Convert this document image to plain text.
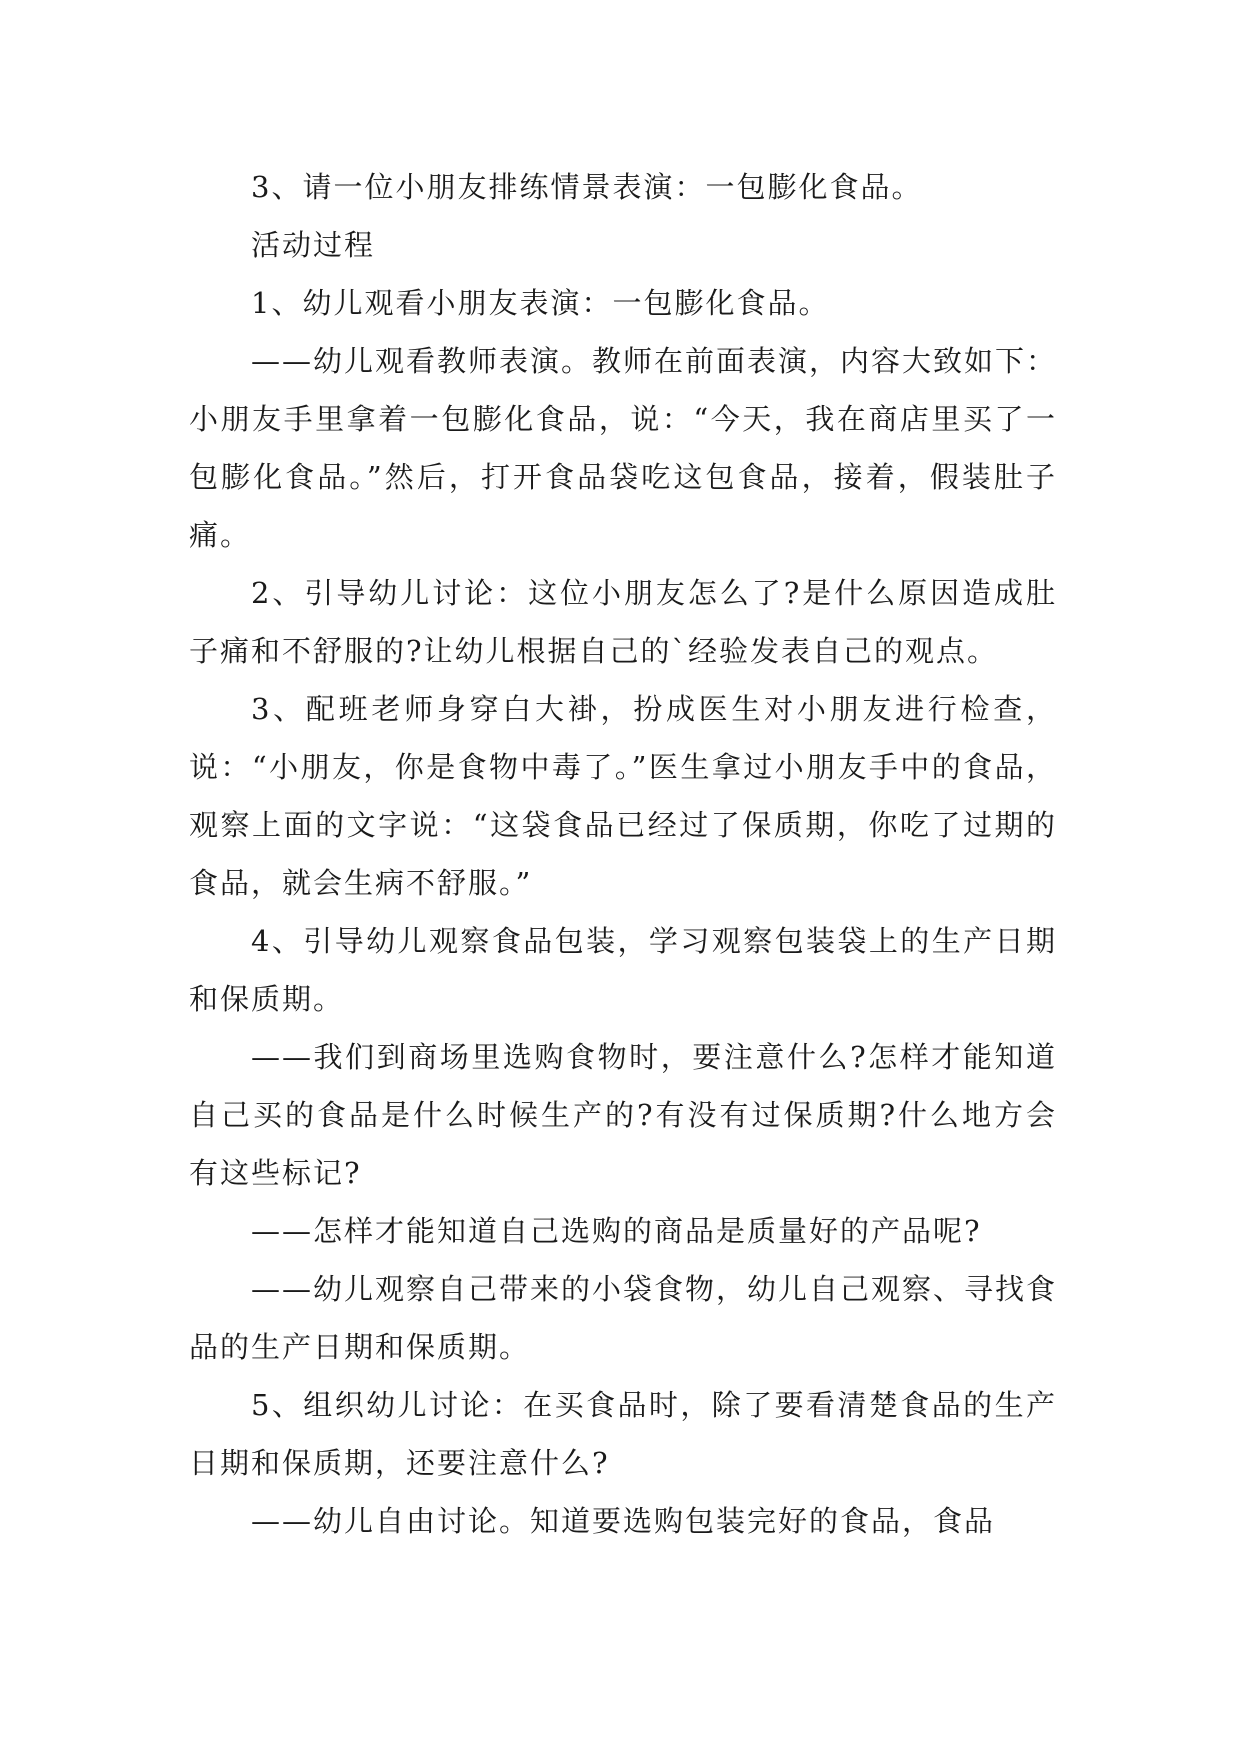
3、请一位小朋友排练情景表演：一包膨化食品。

活动过程

1、幼儿观看小朋友表演：一包膨化食品。

——幼儿观看教师表演。教师在前面表演，内容大致如下：小朋友手里拿着一包膨化食品，说：“今天，我在商店里买了一包膨化食品。”然后，打开食品袋吃这包食品，接着，假装肚子痛。

2、引导幼儿讨论：这位小朋友怎么了?是什么原因造成肚子痛和不舒服的?让幼儿根据自己的`经验发表自己的观点。

3、配班老师身穿白大褂，扮成医生对小朋友进行检查，说：“小朋友，你是食物中毒了。”医生拿过小朋友手中的食品，观察上面的文字说：“这袋食品已经过了保质期，你吃了过期的食品，就会生病不舒服。”

4、引导幼儿观察食品包装，学习观察包装袋上的生产日期和保质期。

——我们到商场里选购食物时，要注意什么?怎样才能知道自己买的食品是什么时候生产的?有没有过保质期?什么地方会有这些标记?

——怎样才能知道自己选购的商品是质量好的产品呢?

——幼儿观察自己带来的小袋食物，幼儿自己观察、寻找食品的生产日期和保质期。

5、组织幼儿讨论：在买食品时，除了要看清楚食品的生产日期和保质期，还要注意什么?

——幼儿自由讨论。知道要选购包装完好的食品，食品
